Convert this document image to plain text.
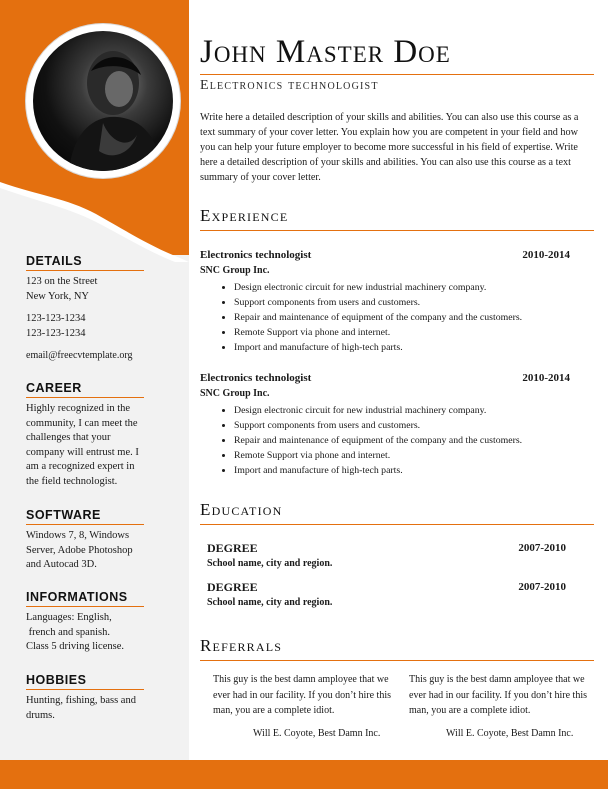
DETAILS
123 on the Street
New York, NY
123-123-1234
123-123-1234
email@freecvtemplate.org
CAREER
Highly recognized in the community, I can meet the challenges that your company will entrust me. I am a recognized expert in the field technologist.
SOFTWARE
Windows 7, 8, Windows Server, Adobe Photoshop and Autocad 3D.
INFORMATIONS
Languages: English,
french and spanish.
Class 5 driving license.
HOBBIES
Hunting, fishing, bass and drums.
John Master Doe
Electronics technologist
Write here a detailed description of your skills and abilities. You can also use this course as a text summary of your cover letter. You explain how you are competent in your field and how you can help your future employer to become more successful in his field of expertise. Write here a detailed description of your skills and abilities. You can also use this course as a text summary of your cover letter.
Experience
Electronics technologist	2010-2014
SNC Group Inc.
• Design electronic circuit for new industrial machinery company.
• Support components from users and customers.
• Repair and maintenance of equipment of the company and the customers.
• Remote Support via phone and internet.
• Import and manufacture of high-tech parts.
Electronics technologist	2010-2014
SNC Group Inc.
• Design electronic circuit for new industrial machinery company.
• Support components from users and customers.
• Repair and maintenance of equipment of the company and the customers.
• Remote Support via phone and internet.
• Import and manufacture of high-tech parts.
Education
DEGREE	2007-2010
School name, city and region.
DEGREE	2007-2010
School name, city and region.
Referrals
This guy is the best damn amployee that we ever had in our facility. If you don’t hire this man, you are a complete idiot.
Will E. Coyote, Best Damn Inc.
This guy is the best damn amployee that we ever had in our facility. If you don’t hire this man, you are a complete idiot.
Will E. Coyote, Best Damn Inc.
